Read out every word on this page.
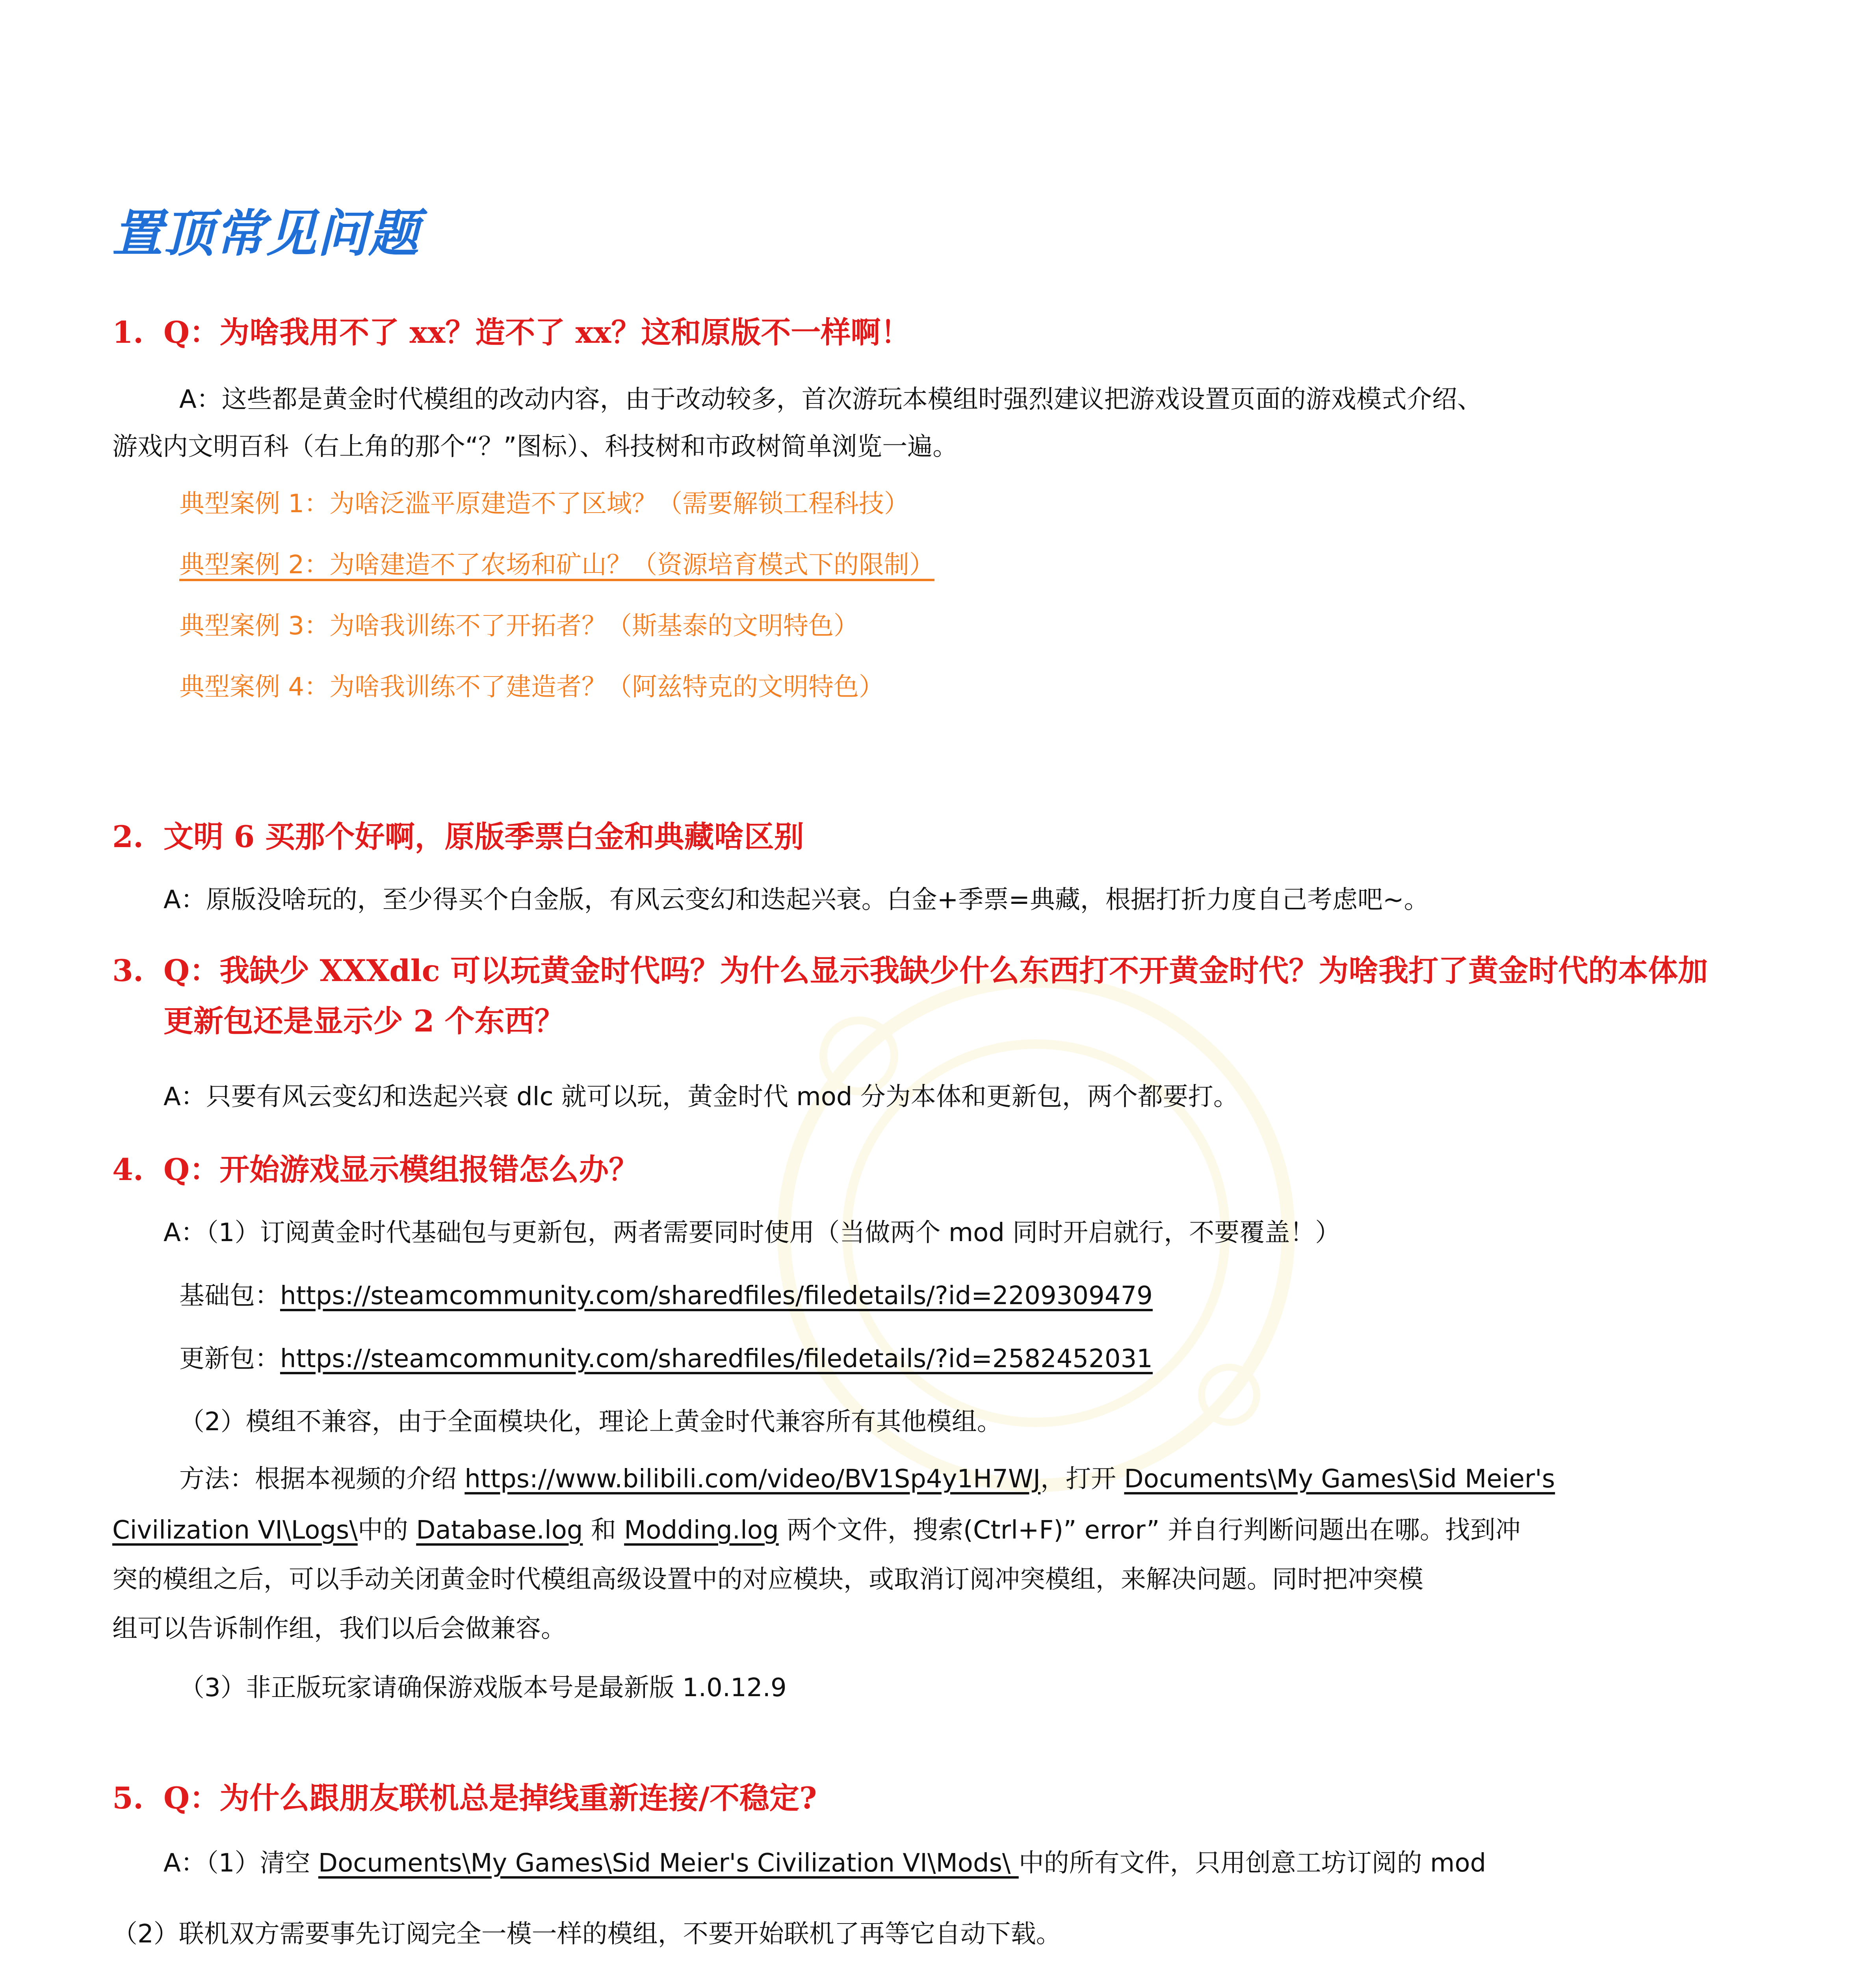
置顶常见问题
1. Q：为啥我用不了 xx？造不了 xx？这和原版不一样啊！
A：这些都是黄金时代模组的改动内容，由于改动较多，首次游玩本模组时强烈建议把游戏设置页面的游戏模式介绍、
游戏内文明百科（右上角的那个“？”图标）、科技树和市政树简单浏览一遍。
典型案例 1：为啥泛滥平原建造不了区域？（需要解锁工程科技）
典型案例 2：为啥建造不了农场和矿山？（资源培育模式下的限制）
典型案例 3：为啥我训练不了开拓者？（斯基泰的文明特色）
典型案例 4：为啥我训练不了建造者？（阿兹特克的文明特色）
2. 文明 6 买那个好啊，原版季票白金和典藏啥区别
A：原版没啥玩的，至少得买个白金版，有风云变幻和迭起兴衰。白金+季票=典藏，根据打折力度自己考虑吧~。
3. Q：我缺少 XXXdlc 可以玩黄金时代吗？为什么显示我缺少什么东西打不开黄金时代？为啥我打了黄金时代的本体加
更新包还是显示少 2 个东西？
A：只要有风云变幻和迭起兴衰 dlc 就可以玩，黄金时代 mod 分为本体和更新包，两个都要打。
4. Q：开始游戏显示模组报错怎么办？
A：（1）订阅黄金时代基础包与更新包，两者需要同时使用（当做两个 mod 同时开启就行，不要覆盖！）
基础包：https://steamcommunity.com/sharedfiles/filedetails/?id=2209309479
更新包：https://steamcommunity.com/sharedfiles/filedetails/?id=2582452031
（2）模组不兼容，由于全面模块化，理论上黄金时代兼容所有其他模组。
方法：根据本视频的介绍 https://www.bilibili.com/video/BV1Sp4y1H7WJ，打开 Documents\My Games\Sid Meier's
Civilization VI\Logs\中的 Database.log 和 Modding.log 两个文件，搜索(Ctrl+F)” error” 并自行判断问题出在哪。找到冲
突的模组之后，可以手动关闭黄金时代模组高级设置中的对应模块，或取消订阅冲突模组，来解决问题。同时把冲突模
组可以告诉制作组，我们以后会做兼容。
（3）非正版玩家请确保游戏版本号是最新版 1.0.12.9
5. Q：为什么跟朋友联机总是掉线重新连接/不稳定?
A：（1）清空 Documents\My Games\Sid Meier's Civilization VI\Mods\ 中的所有文件，只用创意工坊订阅的 mod
（2）联机双方需要事先订阅完全一模一样的模组，不要开始联机了再等它自动下载。
